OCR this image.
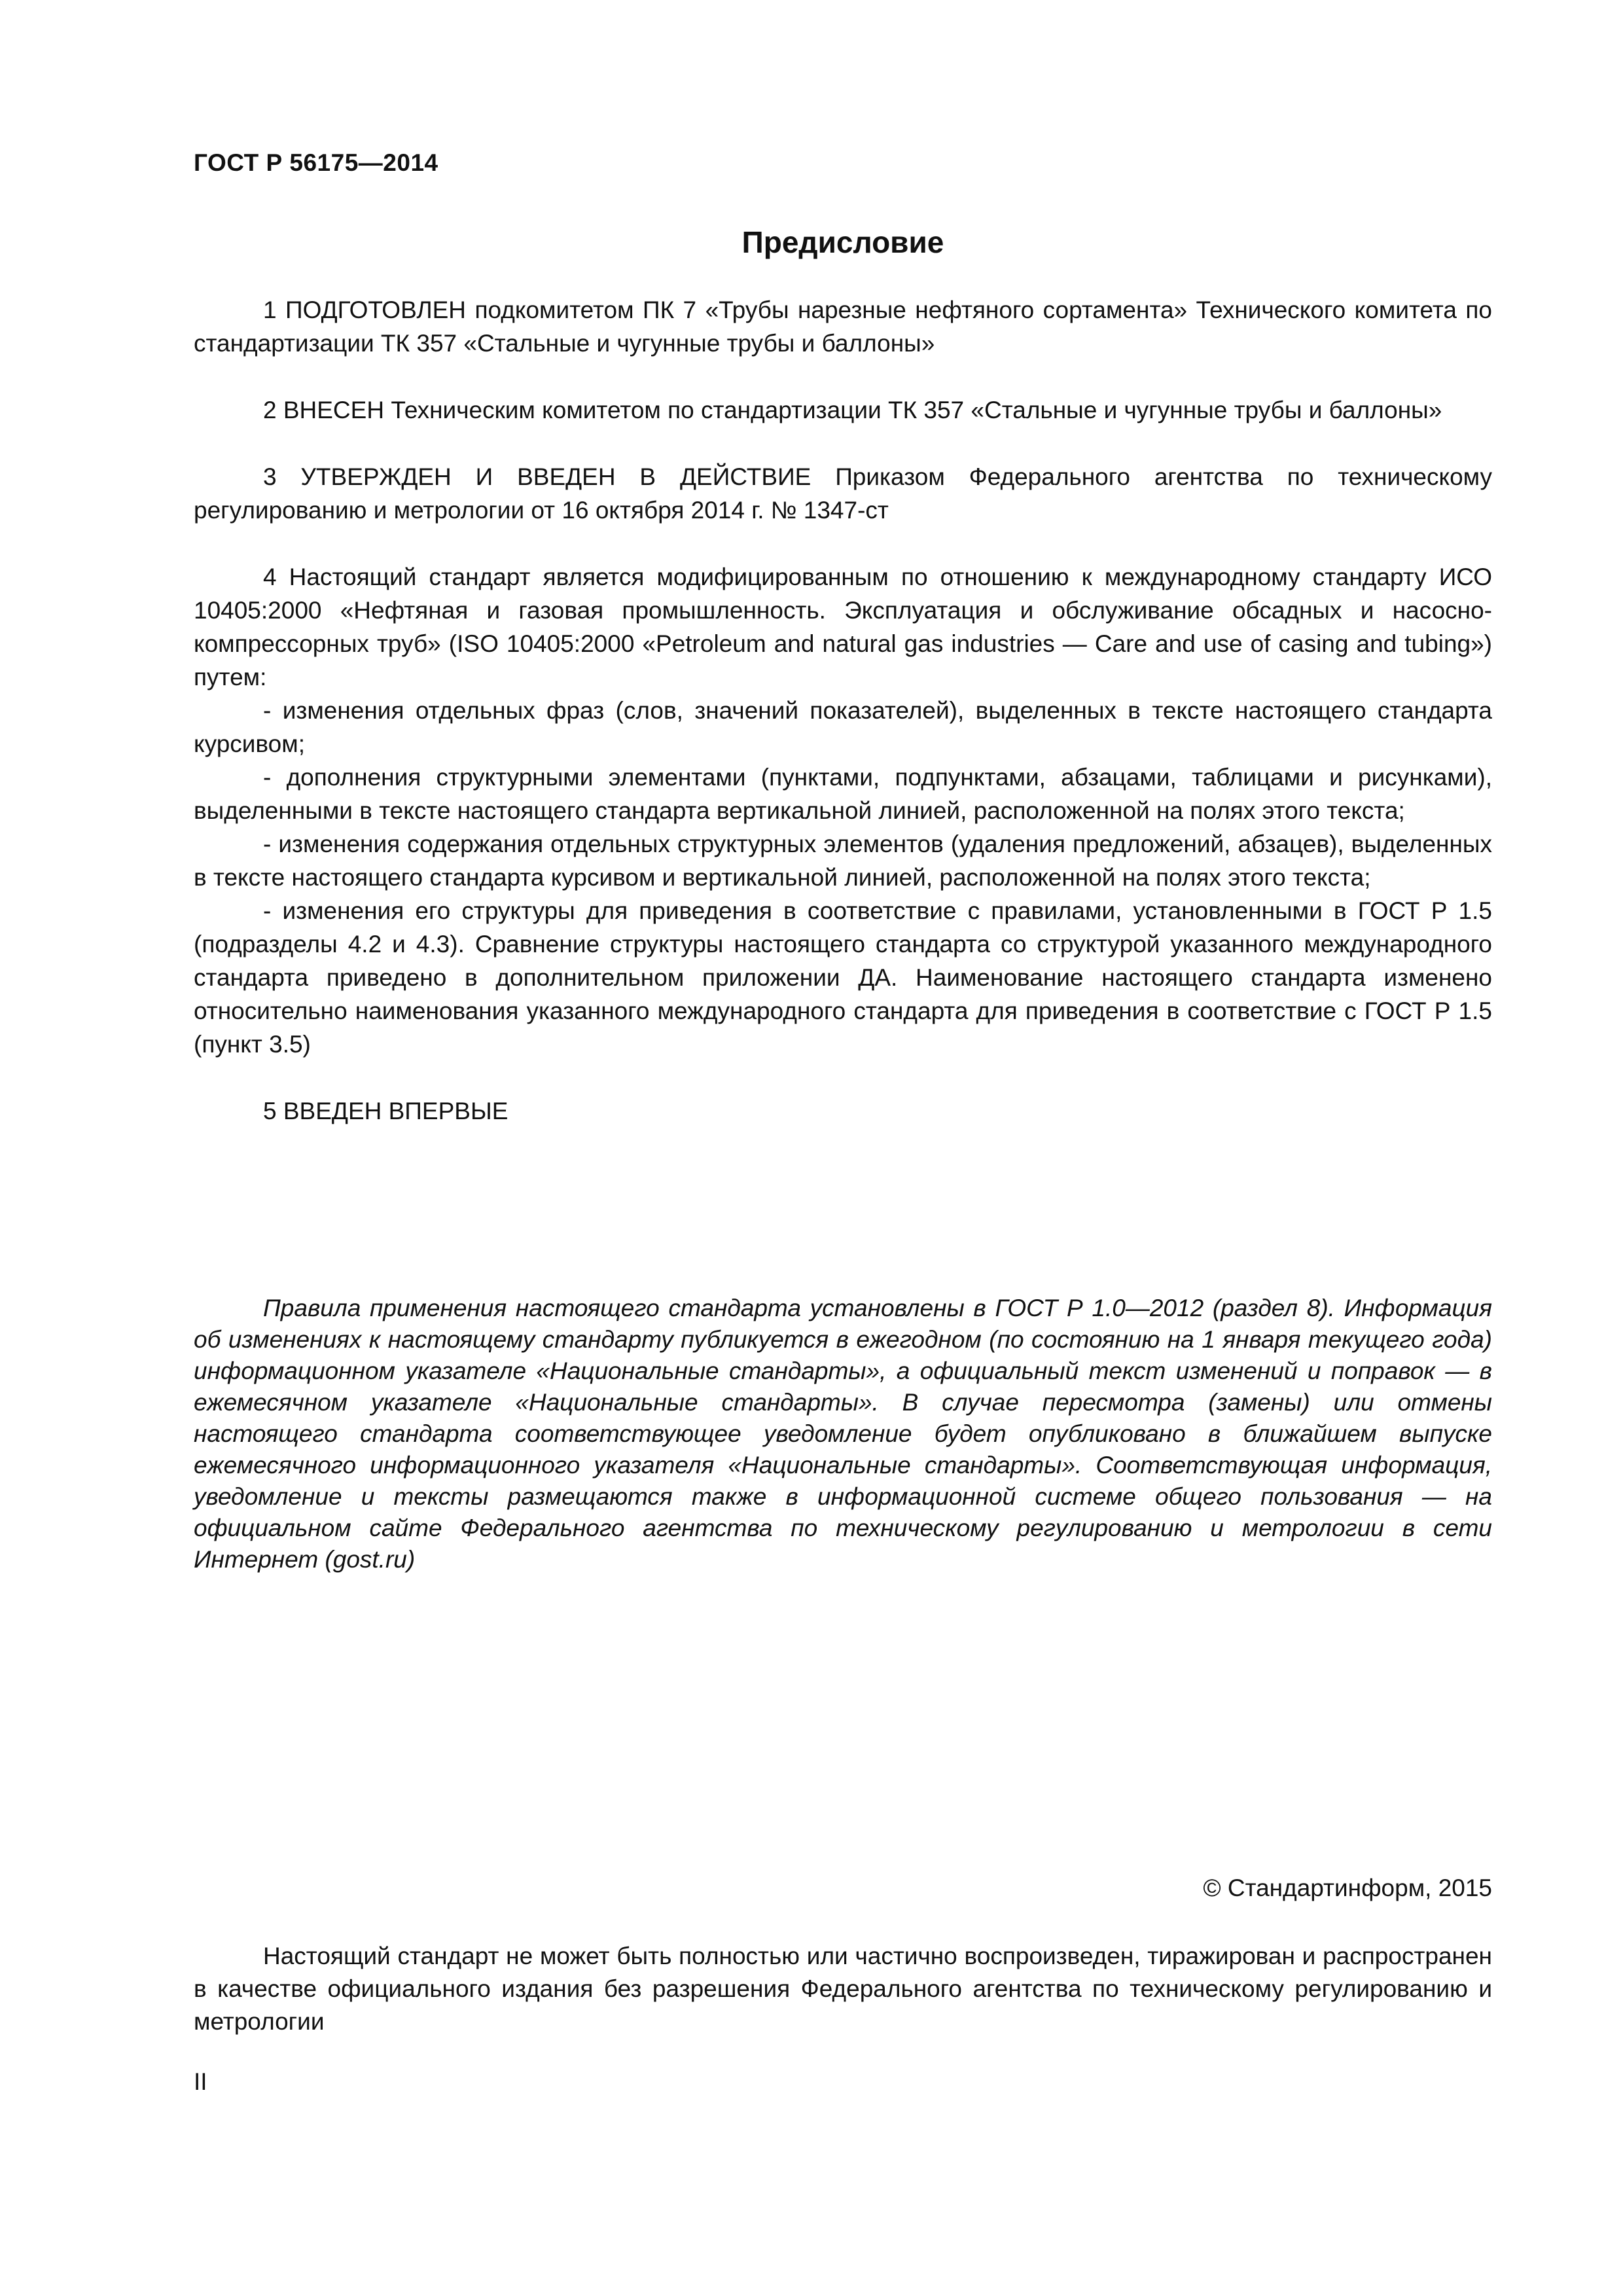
ГОСТ Р 56175—2014
Предисловие

1 ПОДГОТОВЛЕН подкомитетом ПК 7 «Трубы нарезные нефтяного сортамента» Технического комитета по стандартизации ТК 357 «Стальные и чугунные трубы и баллоны»

2 ВНЕСЕН Техническим комитетом по стандартизации ТК 357 «Стальные и чугунные трубы и баллоны»

3 УТВЕРЖДЕН И ВВЕДЕН В ДЕЙСТВИЕ Приказом Федерального агентства по техническому регулированию и метрологии от 16 октября 2014 г. № 1347-ст

4 Настоящий стандарт является модифицированным по отношению к международному стандарту ИСО 10405:2000 «Нефтяная и газовая промышленность. Эксплуатация и обслуживание обсадных и насосно-компрессорных труб» (ISO 10405:2000 «Petroleum and natural gas industries — Care and use of casing and tubing») путем:

- изменения отдельных фраз (слов, значений показателей), выделенных в тексте настоящего стандарта курсивом;

- дополнения структурными элементами (пунктами, подпунктами, абзацами, таблицами и рисунками), выделенными в тексте настоящего стандарта вертикальной линией, расположенной на полях этого текста;

- изменения содержания отдельных структурных элементов (удаления предложений, абзацев), выделенных в тексте настоящего стандарта курсивом и вертикальной линией, расположенной на полях этого текста;

- изменения его структуры для приведения в соответствие с правилами, установленными в ГОСТ Р 1.5 (подразделы 4.2 и 4.3). Сравнение структуры настоящего стандарта со структурой указанного международного стандарта приведено в дополнительном приложении ДА. Наименование настоящего стандарта изменено относительно наименования указанного международного стандарта для приведения в соответствие с ГОСТ Р 1.5 (пункт 3.5)

5 ВВЕДЕН ВПЕРВЫЕ

Правила применения настоящего стандарта установлены в ГОСТ Р 1.0—2012 (раздел 8). Информация об изменениях к настоящему стандарту публикуется в ежегодном (по состоянию на 1 января текущего года) информационном указателе «Национальные стандарты», а официальный текст изменений и поправок — в ежемесячном указателе «Национальные стандарты». В случае пересмотра (замены) или отмены настоящего стандарта соответствующее уведомление будет опубликовано в ближайшем выпуске ежемесячного информационного указателя «Национальные стандарты». Соответствующая информация, уведомление и тексты размещаются также в информационной системе общего пользования — на официальном сайте Федерального агентства по техническому регулированию и метрологии в сети Интернет (gost.ru)

© Стандартинформ, 2015

Настоящий стандарт не может быть полностью или частично воспроизведен, тиражирован и распространен в качестве официального издания без разрешения Федерального агентства по техническому регулированию и метрологии

II
